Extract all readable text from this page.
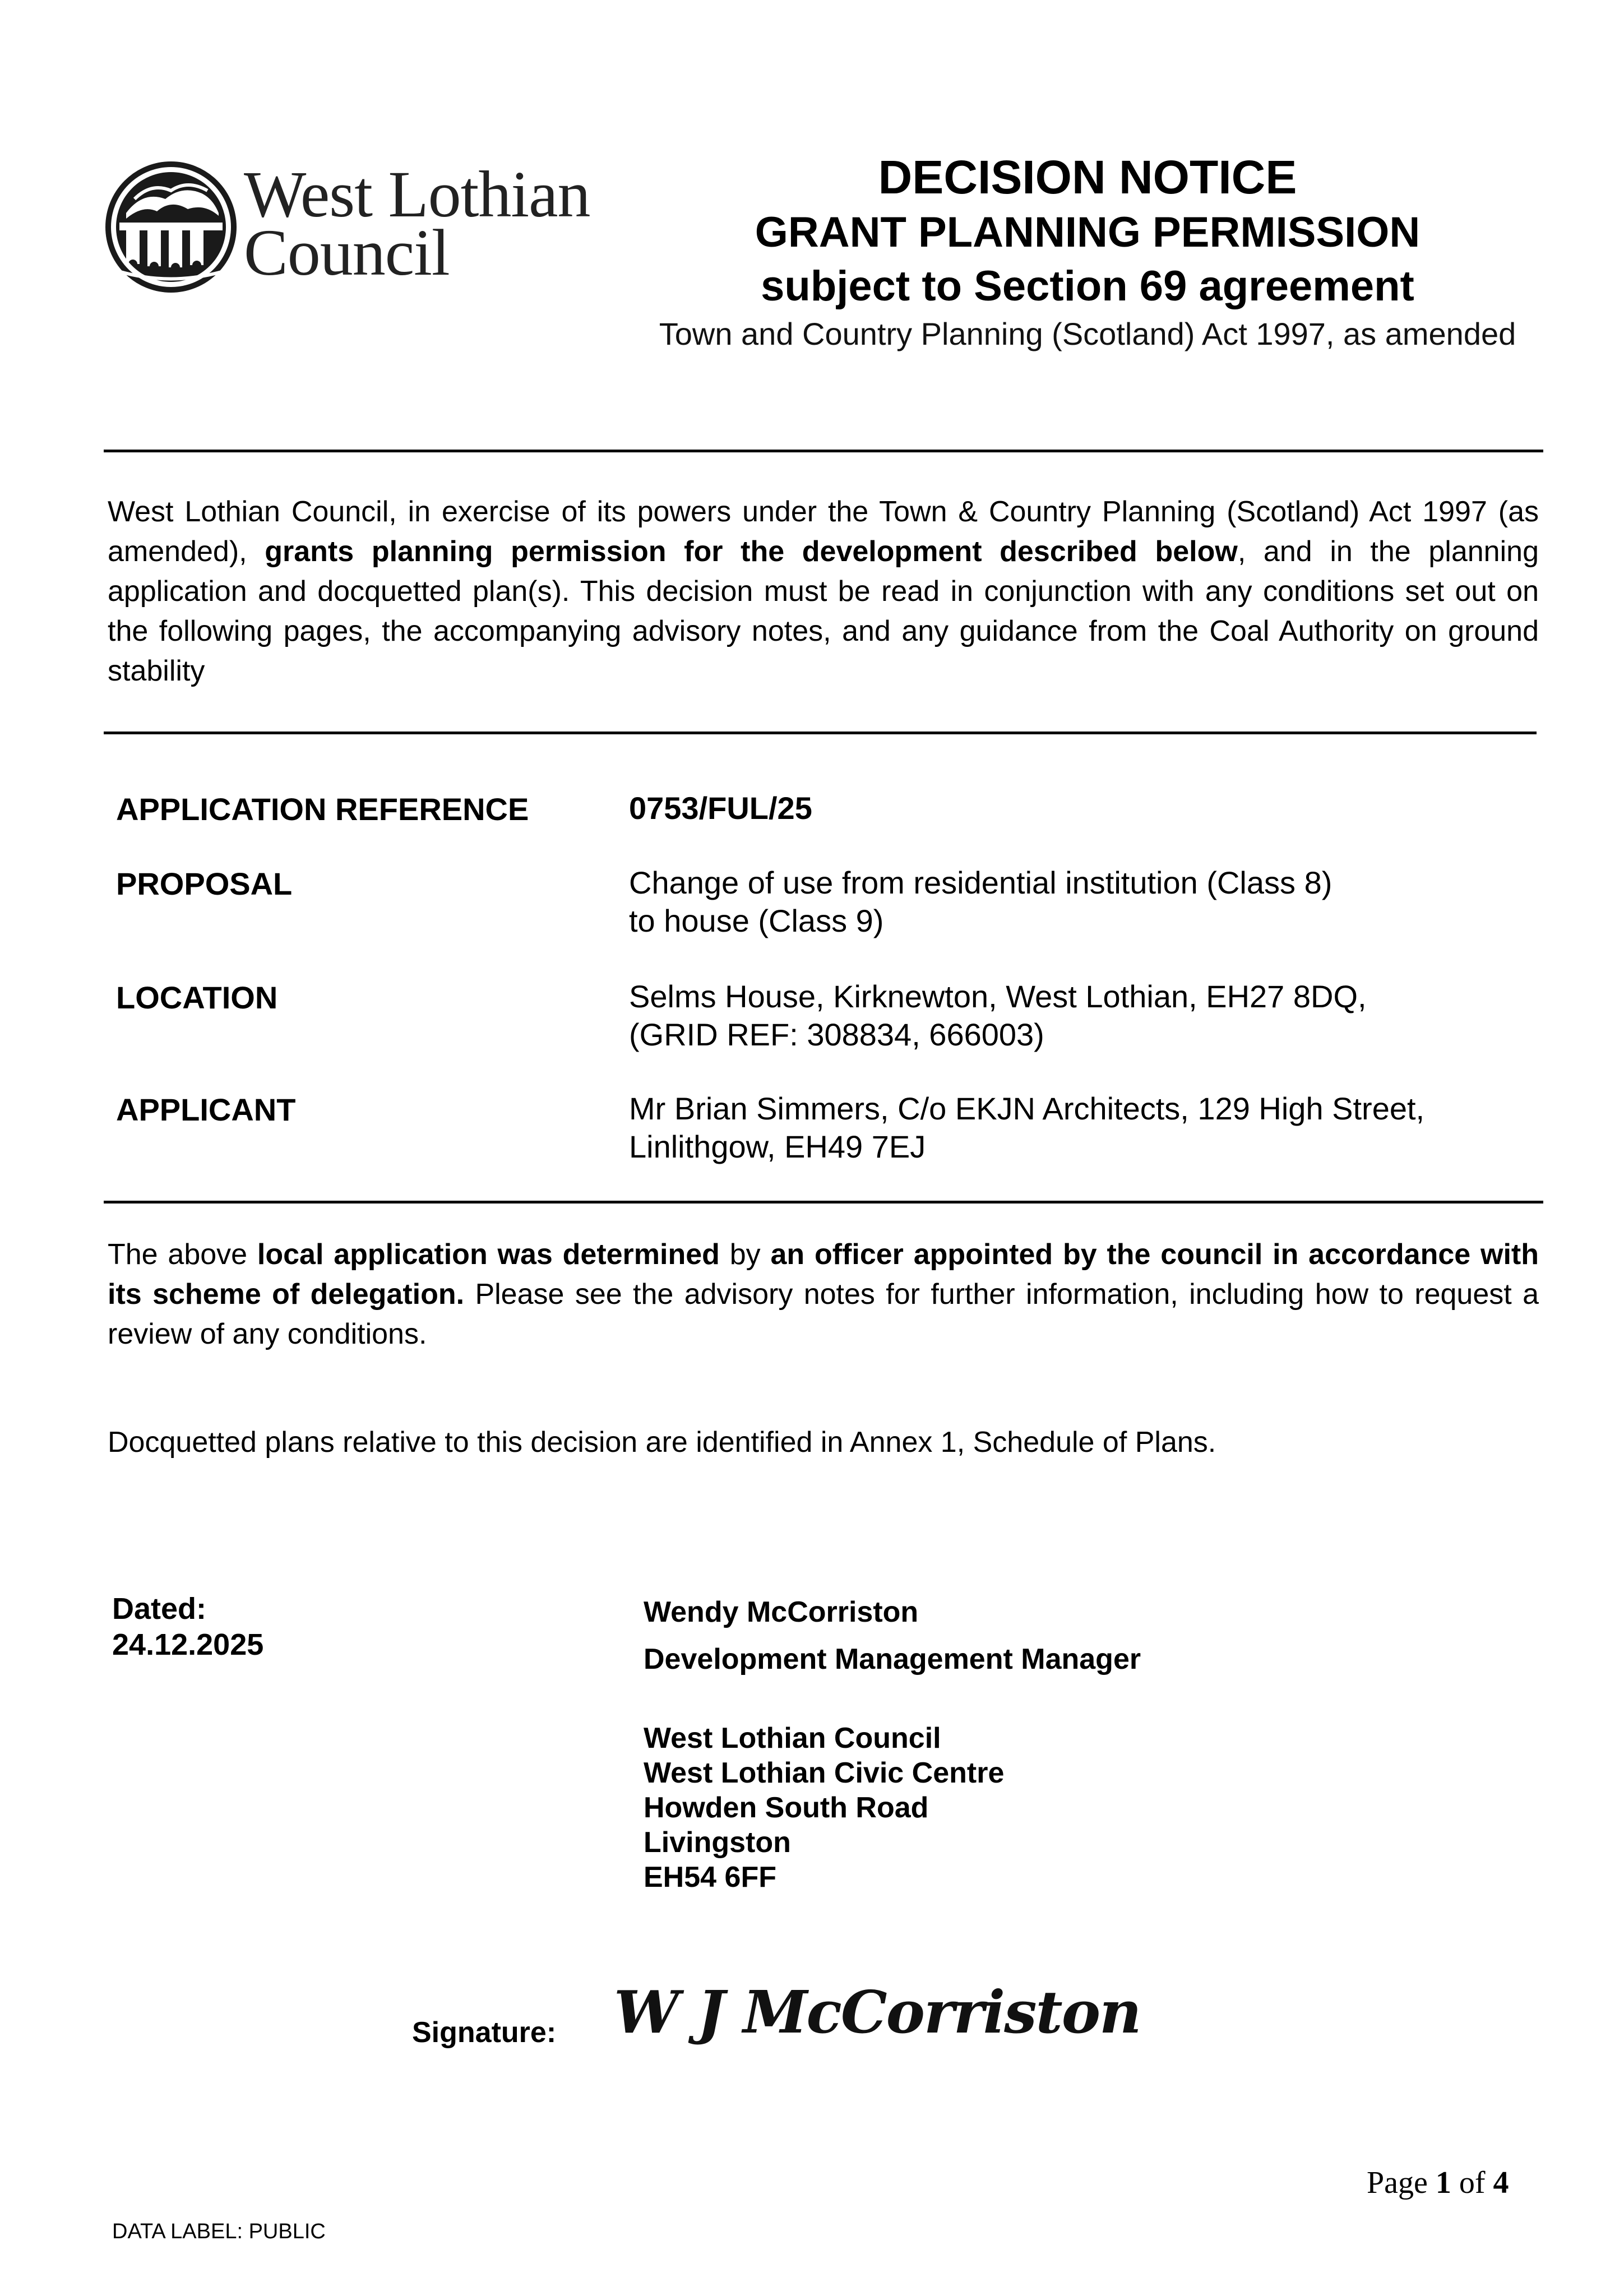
West Lothian
Council
DECISION NOTICE
GRANT PLANNING PERMISSION
subject to Section 69 agreement
Town and Country Planning (Scotland) Act 1997, as amended
West Lothian Council, in exercise of its powers under the Town & Country Planning (Scotland) Act 1997 (as amended), grants planning permission for the development described below, and in the planning application and docquetted plan(s). This decision must be read in conjunction with any conditions set out on the following pages, the accompanying advisory notes, and any guidance from the Coal Authority on ground stability
APPLICATION REFERENCE	0753/FUL/25
PROPOSAL	Change of use from residential institution (Class 8)
to house (Class 9)
LOCATION	Selms House, Kirknewton, West Lothian, EH27 8DQ,
(GRID REF: 308834, 666003)
APPLICANT	Mr Brian Simmers, C/o EKJN Architects, 129 High Street,
Linlithgow, EH49 7EJ
The above local application was determined by an officer appointed by the council in accordance with its scheme of delegation. Please see the advisory notes for further information, including how to request a review of any conditions.
Docquetted plans relative to this decision are identified in Annex 1, Schedule of Plans.
Dated:
24.12.2025
Wendy McCorriston
Development Management Manager
West Lothian Council
West Lothian Civic Centre
Howden South Road
Livingston
EH54 6FF
Signature: W J McCorriston
Page 1 of 4
DATA LABEL: PUBLIC
